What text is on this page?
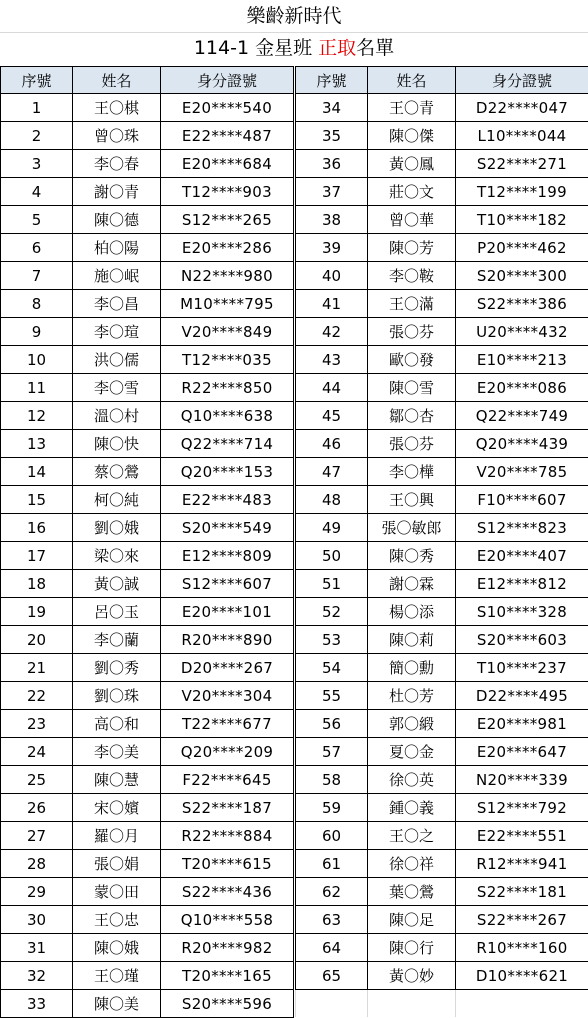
樂齡新時代
114-1 金星班 正取名單
序號	姓名	身分證號
1	王〇棋	E20****540
2	曾〇珠	E22****487
3	李〇春	E20****684
4	謝〇青	T12****903
5	陳〇德	S12****265
6	柏〇陽	E20****286
7	施〇岷	N22****980
8	李〇昌	M10****795
9	李〇瑄	V20****849
10	洪〇儒	T12****035
11	李〇雪	R22****850
12	溫〇村	Q10****638
13	陳〇快	Q22****714
14	蔡〇鶯	Q20****153
15	柯〇純	E22****483
16	劉〇娥	S20****549
17	梁〇來	E12****809
18	黃〇誠	S12****607
19	呂〇玉	E20****101
20	李〇蘭	R20****890
21	劉〇秀	D20****267
22	劉〇珠	V20****304
23	高〇和	T22****677
24	李〇美	Q20****209
25	陳〇慧	F22****645
26	宋〇嬪	S22****187
27	羅〇月	R22****884
28	張〇娟	T20****615
29	蒙〇田	S22****436
30	王〇忠	Q10****558
31	陳〇娥	R20****982
32	王〇瑾	T20****165
33	陳〇美	S20****596
序號	姓名	身分證號
34	王〇青	D22****047
35	陳〇傑	L10****044
36	黃〇鳳	S22****271
37	莊〇文	T12****199
38	曾〇華	T10****182
39	陳〇芳	P20****462
40	李〇鞍	S20****300
41	王〇滿	S22****386
42	張〇芬	U20****432
43	歐〇發	E10****213
44	陳〇雪	E20****086
45	鄒〇杏	Q22****749
46	張〇芬	Q20****439
47	李〇樺	V20****785
48	王〇興	F10****607
49	張〇敏郎	S12****823
50	陳〇秀	E20****407
51	謝〇霖	E12****812
52	楊〇添	S10****328
53	陳〇莉	S20****603
54	簡〇勳	T10****237
55	杜〇芳	D22****495
56	郭〇緞	E20****981
57	夏〇金	E20****647
58	徐〇英	N20****339
59	鍾〇義	S12****792
60	王〇之	E22****551
61	徐〇祥	R12****941
62	葉〇鶯	S22****181
63	陳〇足	S22****267
64	陳〇行	R10****160
65	黃〇妙	D10****621
